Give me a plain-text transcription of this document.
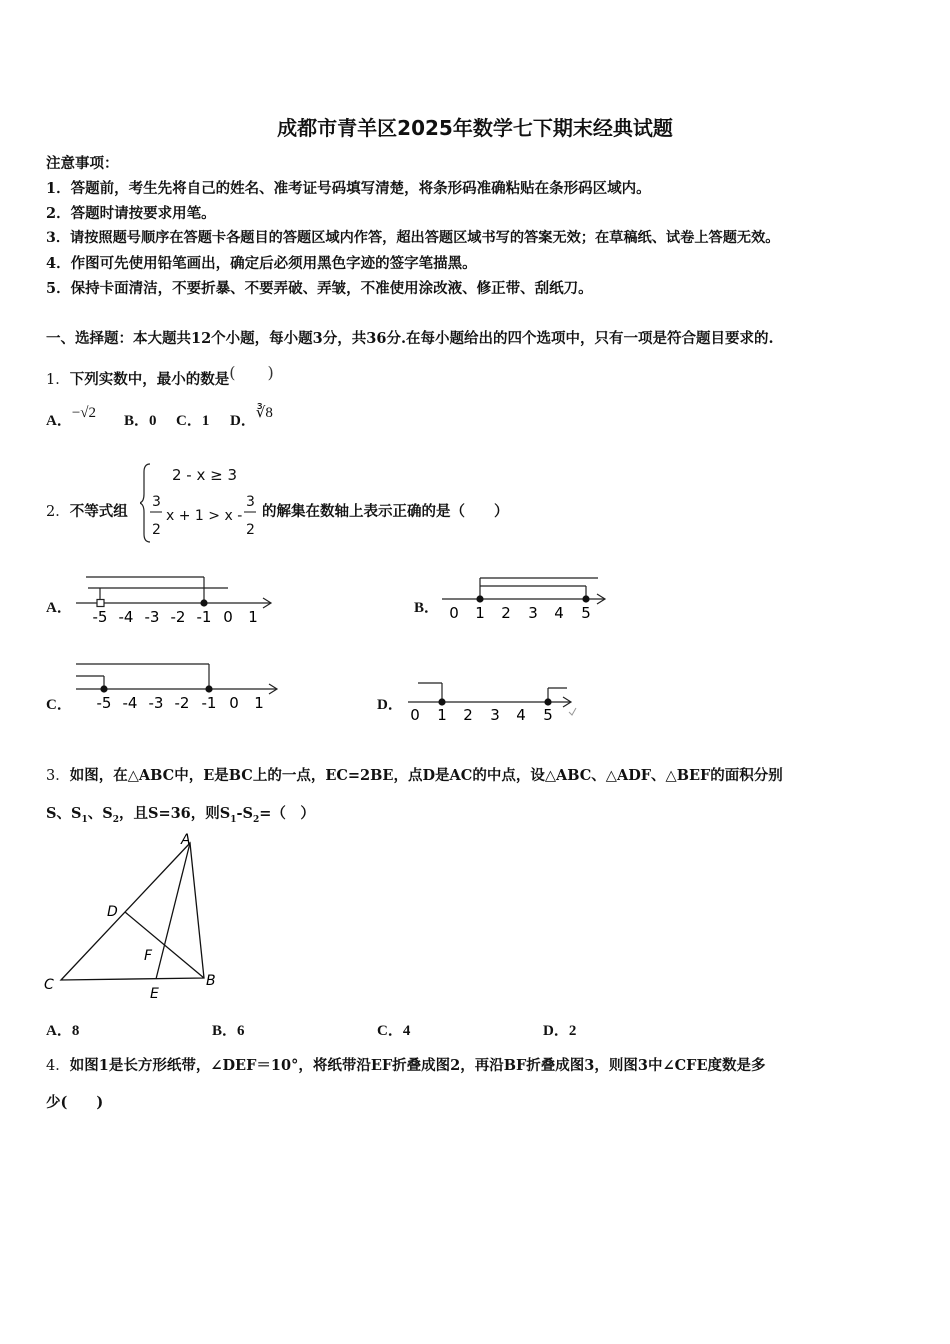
成都市青羊区2025年数学七下期末经典试题
注意事项：
1．答题前，考生先将自己的姓名、准考证号码填写清楚，将条形码准确粘贴在条形码区域内。
2．答题时请按要求用笔。
3．请按照题号顺序在答题卡各题目的答题区域内作答，超出答题区域书写的答案无效；在草稿纸、试卷上答题无效。
4．作图可先使用铅笔画出，确定后必须用黑色字迹的签字笔描黑。
5．保持卡面清洁，不要折暴、不要弄破、弄皱，不准使用涂改液、修正带、刮纸刀。
一、选择题：本大题共12个小题，每小题3分，共36分.在每小题给出的四个选项中，只有一项是符合题目要求的.
1．下列实数中，最小的数是(　　)
A．−√2 B．0 C．1 D．∛8
2．不等式组
2 - x ≥ 3
3
2
x + 1 > x -
3
2
的解集在数轴上表示正确的是（　　）
A． -5 -4 -3 -2 -1 0 1	B． 0 1 2 3 4 5
C． -5 -4 -3 -2 -1 0 1	D．
0 1 2 3 4 5
3．如图，在△ABC中，E是BC上的一点，EC=2BE，点D是AC的中点，设△ABC、△ADF、△BEF的面积分别
S、$S_1$、$S_2$，且S=36，则$S_1-S_2=$（　）
A
B
C
D
E
F
A．8	B．6	C．4	D．2
4．如图1是长方形纸带，∠DEF＝10°，将纸带沿EF折叠成图2，再沿BF折叠成图3，则图3中∠CFE度数是多
少(　　)
